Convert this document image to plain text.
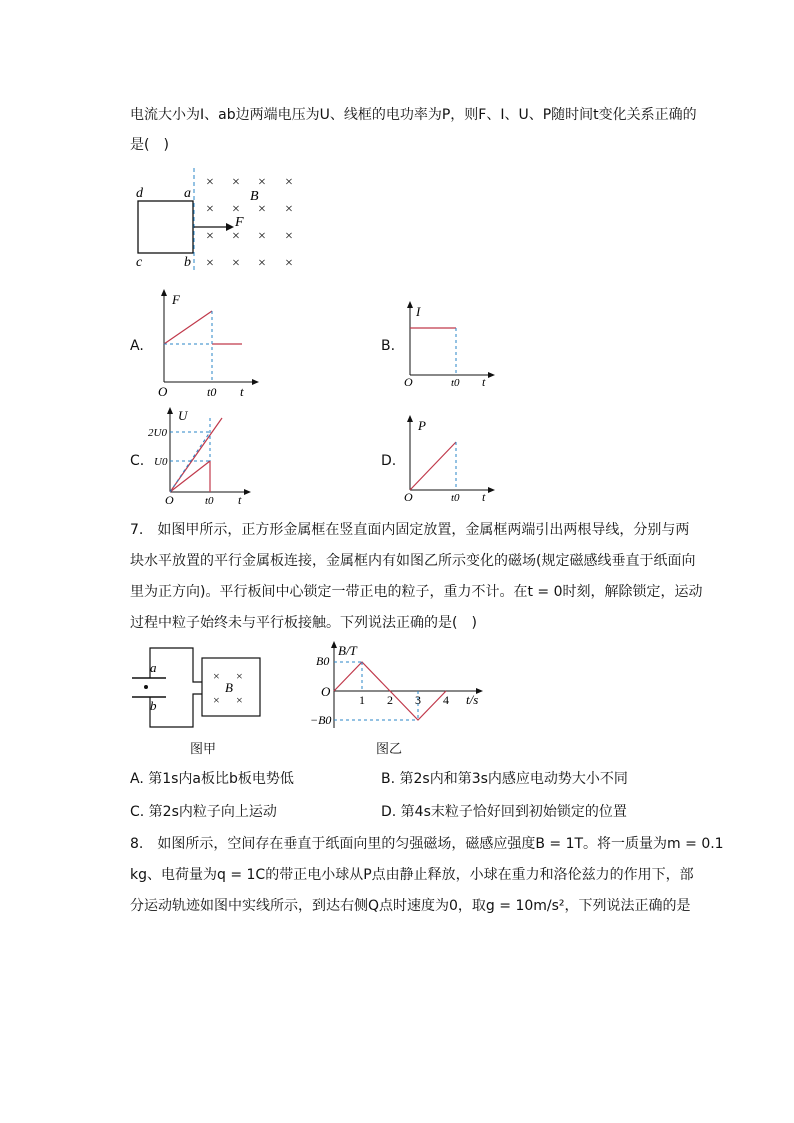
电流大小为I、ab边两端电压为U、线框的电功率为P，则F、I、U、P随时间t变化关系正确的
是(　)
d	a
c	b
B
F
× × × ×
× × × ×
× × × ×
× × × ×
A.
F
O	t0 t
B.
I
O	t0 t
C.
U
2U0
U0
O	t0 t
D.
P
O	t0 t
7.　如图甲所示，正方形金属框在竖直面内固定放置，金属框两端引出两根导线，分别与两
块水平放置的平行金属板连接，金属框内有如图乙所示变化的磁场(规定磁感线垂直于纸面向
里为正方向)。平行板间中心锁定一带正电的粒子，重力不计。在t = 0时刻，解除锁定，运动
过程中粒子始终未与平行板接触。下列说法正确的是(　)
a
b
× ×
× ×
B
图甲
B/T
B0
O
−B0
1 2 3 4 t/s
图乙
A. 第1s内a板比b板电势低	B. 第2s内和第3s内感应电动势大小不同
C. 第2s内粒子向上运动	D. 第4s末粒子恰好回到初始锁定的位置
8.　如图所示，空间存在垂直于纸面向里的匀强磁场，磁感应强度B = 1T。将一质量为m = 0.1
kg、电荷量为q = 1C的带正电小球从P点由静止释放，小球在重力和洛伦兹力的作用下，部
分运动轨迹如图中实线所示，到达右侧Q点时速度为0，取g = 10m/s²，下列说法正确的是
